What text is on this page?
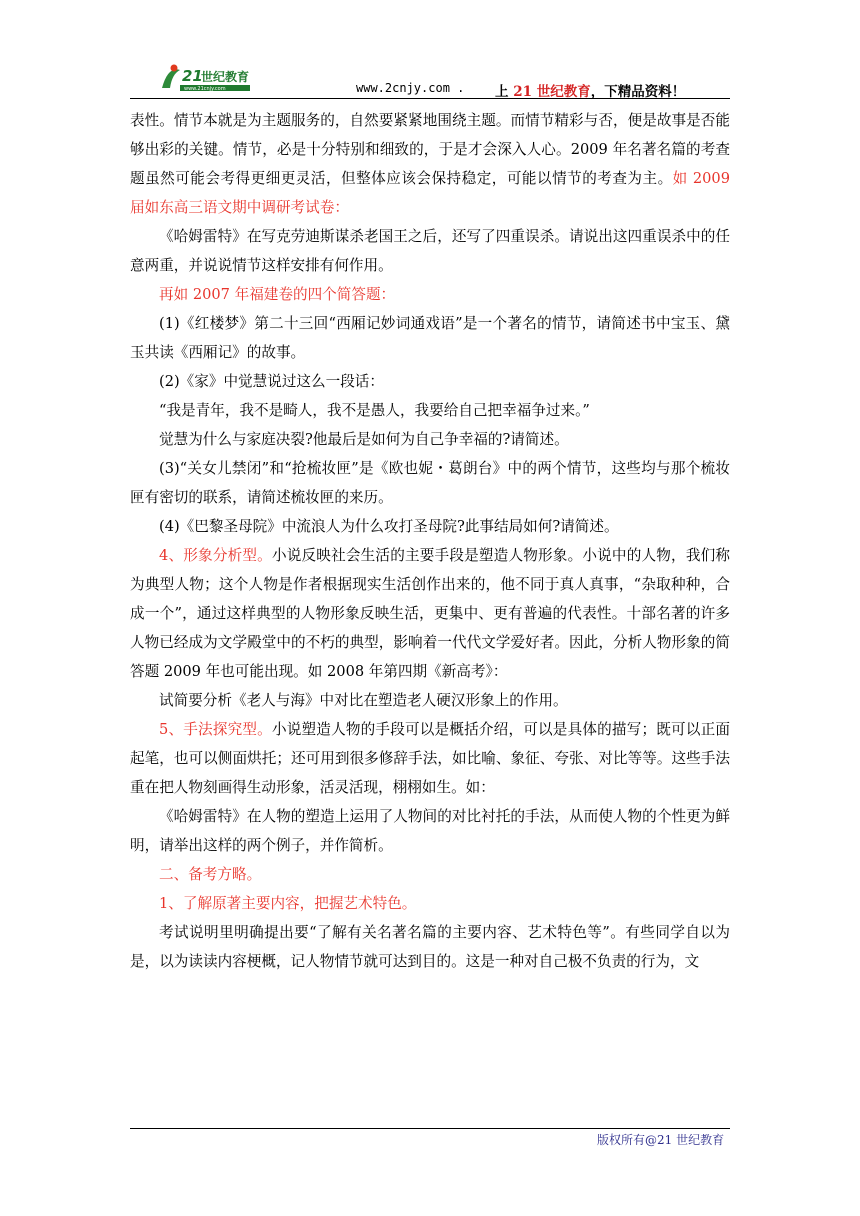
21
世纪教育
www.21cnjy.com	www.2cnjy.com . 上 21 世纪教育，下精品资料！

表性。情节本就是为主题服务的，自然要紧紧地围绕主题。而情节精彩与否，便是故事是否能够出彩的关键。情节，必是十分特别和细致的，于是才会深入人心。2009 年名著名篇的考查题虽然可能会考得更细更灵活，但整体应该会保持稳定，可能以情节的考查为主。如 2009 届如东高三语文期中调研考试卷：

《哈姆雷特》在写克劳迪斯谋杀老国王之后，还写了四重误杀。请说出这四重误杀中的任意两重，并说说情节这样安排有何作用。

再如 2007 年福建卷的四个简答题：

(1)《红楼梦》第二十三回“西厢记妙词通戏语”是一个著名的情节，请简述书中宝玉、黛玉共读《西厢记》的故事。

(2)《家》中觉慧说过这么一段话：

“我是青年，我不是畸人，我不是愚人，我要给自己把幸福争过来。”

觉慧为什么与家庭决裂?他最后是如何为自己争幸福的?请简述。

(3)“关女儿禁闭”和“抢梳妆匣”是《欧也妮・葛朗台》中的两个情节，这些均与那个梳妆匣有密切的联系，请简述梳妆匣的来历。

(4)《巴黎圣母院》中流浪人为什么攻打圣母院?此事结局如何?请简述。

4、形象分析型。小说反映社会生活的主要手段是塑造人物形象。小说中的人物，我们称为典型人物；这个人物是作者根据现实生活创作出来的，他不同于真人真事，“杂取种种，合成一个”，通过这样典型的人物形象反映生活，更集中、更有普遍的代表性。十部名著的许多人物已经成为文学殿堂中的不朽的典型，影响着一代代文学爱好者。因此，分析人物形象的简答题 2009 年也可能出现。如 2008 年第四期《新高考》：

试简要分析《老人与海》中对比在塑造老人硬汉形象上的作用。

5、手法探究型。小说塑造人物的手段可以是概括介绍，可以是具体的描写；既可以正面起笔，也可以侧面烘托；还可用到很多修辞手法，如比喻、象征、夸张、对比等等。这些手法重在把人物刻画得生动形象，活灵活现，栩栩如生。如：

《哈姆雷特》在人物的塑造上运用了人物间的对比衬托的手法，从而使人物的个性更为鲜明，请举出这样的两个例子，并作简析。

二、备考方略。

1、了解原著主要内容，把握艺术特色。

考试说明里明确提出要“了解有关名著名篇的主要内容、艺术特色等”。有些同学自以为是，以为读读内容梗概，记人物情节就可达到目的。这是一种对自己极不负责的行为，文

版权所有@21 世纪教育
